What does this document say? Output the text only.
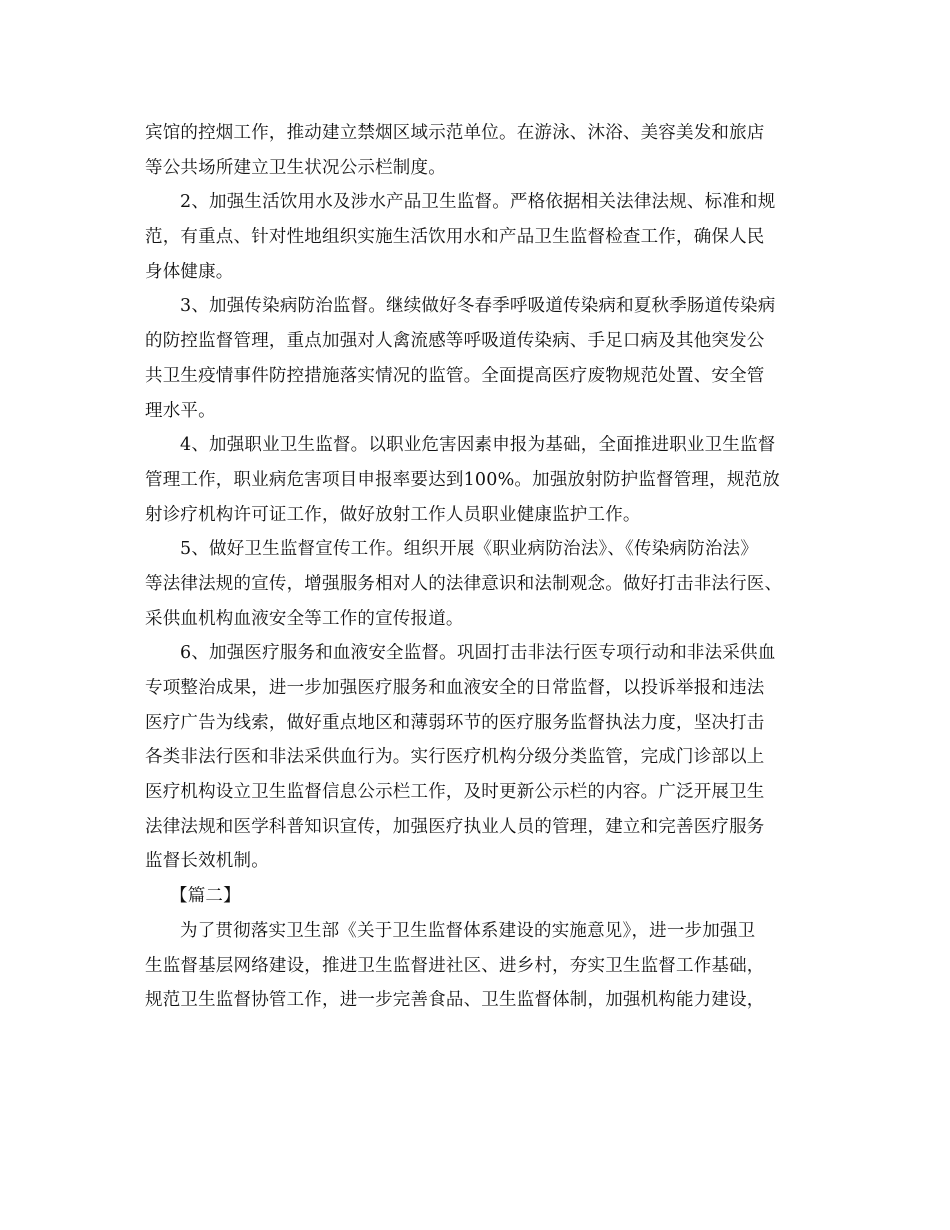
宾馆的控烟工作，推动建立禁烟区域示范单位。在游泳、沐浴、美容美发和旅店
等公共场所建立卫生状况公示栏制度。
2、加强生活饮用水及涉水产品卫生监督。严格依据相关法律法规、标准和规
范，有重点、针对性地组织实施生活饮用水和产品卫生监督检查工作，确保人民
身体健康。
3、加强传染病防治监督。继续做好冬春季呼吸道传染病和夏秋季肠道传染病
的防控监督管理，重点加强对人禽流感等呼吸道传染病、手足口病及其他突发公
共卫生疫情事件防控措施落实情况的监管。全面提高医疗废物规范处置、安全管
理水平。
4、加强职业卫生监督。以职业危害因素申报为基础，全面推进职业卫生监督
管理工作，职业病危害项目申报率要达到100%。加强放射防护监督管理，规范放
射诊疗机构许可证工作，做好放射工作人员职业健康监护工作。
5、做好卫生监督宣传工作。组织开展《职业病防治法》、《传染病防治法》
等法律法规的宣传，增强服务相对人的法律意识和法制观念。做好打击非法行医、
采供血机构血液安全等工作的宣传报道。
6、加强医疗服务和血液安全监督。巩固打击非法行医专项行动和非法采供血
专项整治成果，进一步加强医疗服务和血液安全的日常监督，以投诉举报和违法
医疗广告为线索，做好重点地区和薄弱环节的医疗服务监督执法力度，坚决打击
各类非法行医和非法采供血行为。实行医疗机构分级分类监管，完成门诊部以上
医疗机构设立卫生监督信息公示栏工作，及时更新公示栏的内容。广泛开展卫生
法律法规和医学科普知识宣传，加强医疗执业人员的管理，建立和完善医疗服务
监督长效机制。
【篇二】
为了贯彻落实卫生部《关于卫生监督体系建设的实施意见》，进一步加强卫
生监督基层网络建设，推进卫生监督进社区、进乡村，夯实卫生监督工作基础，
规范卫生监督协管工作，进一步完善食品、卫生监督体制，加强机构能力建设，
